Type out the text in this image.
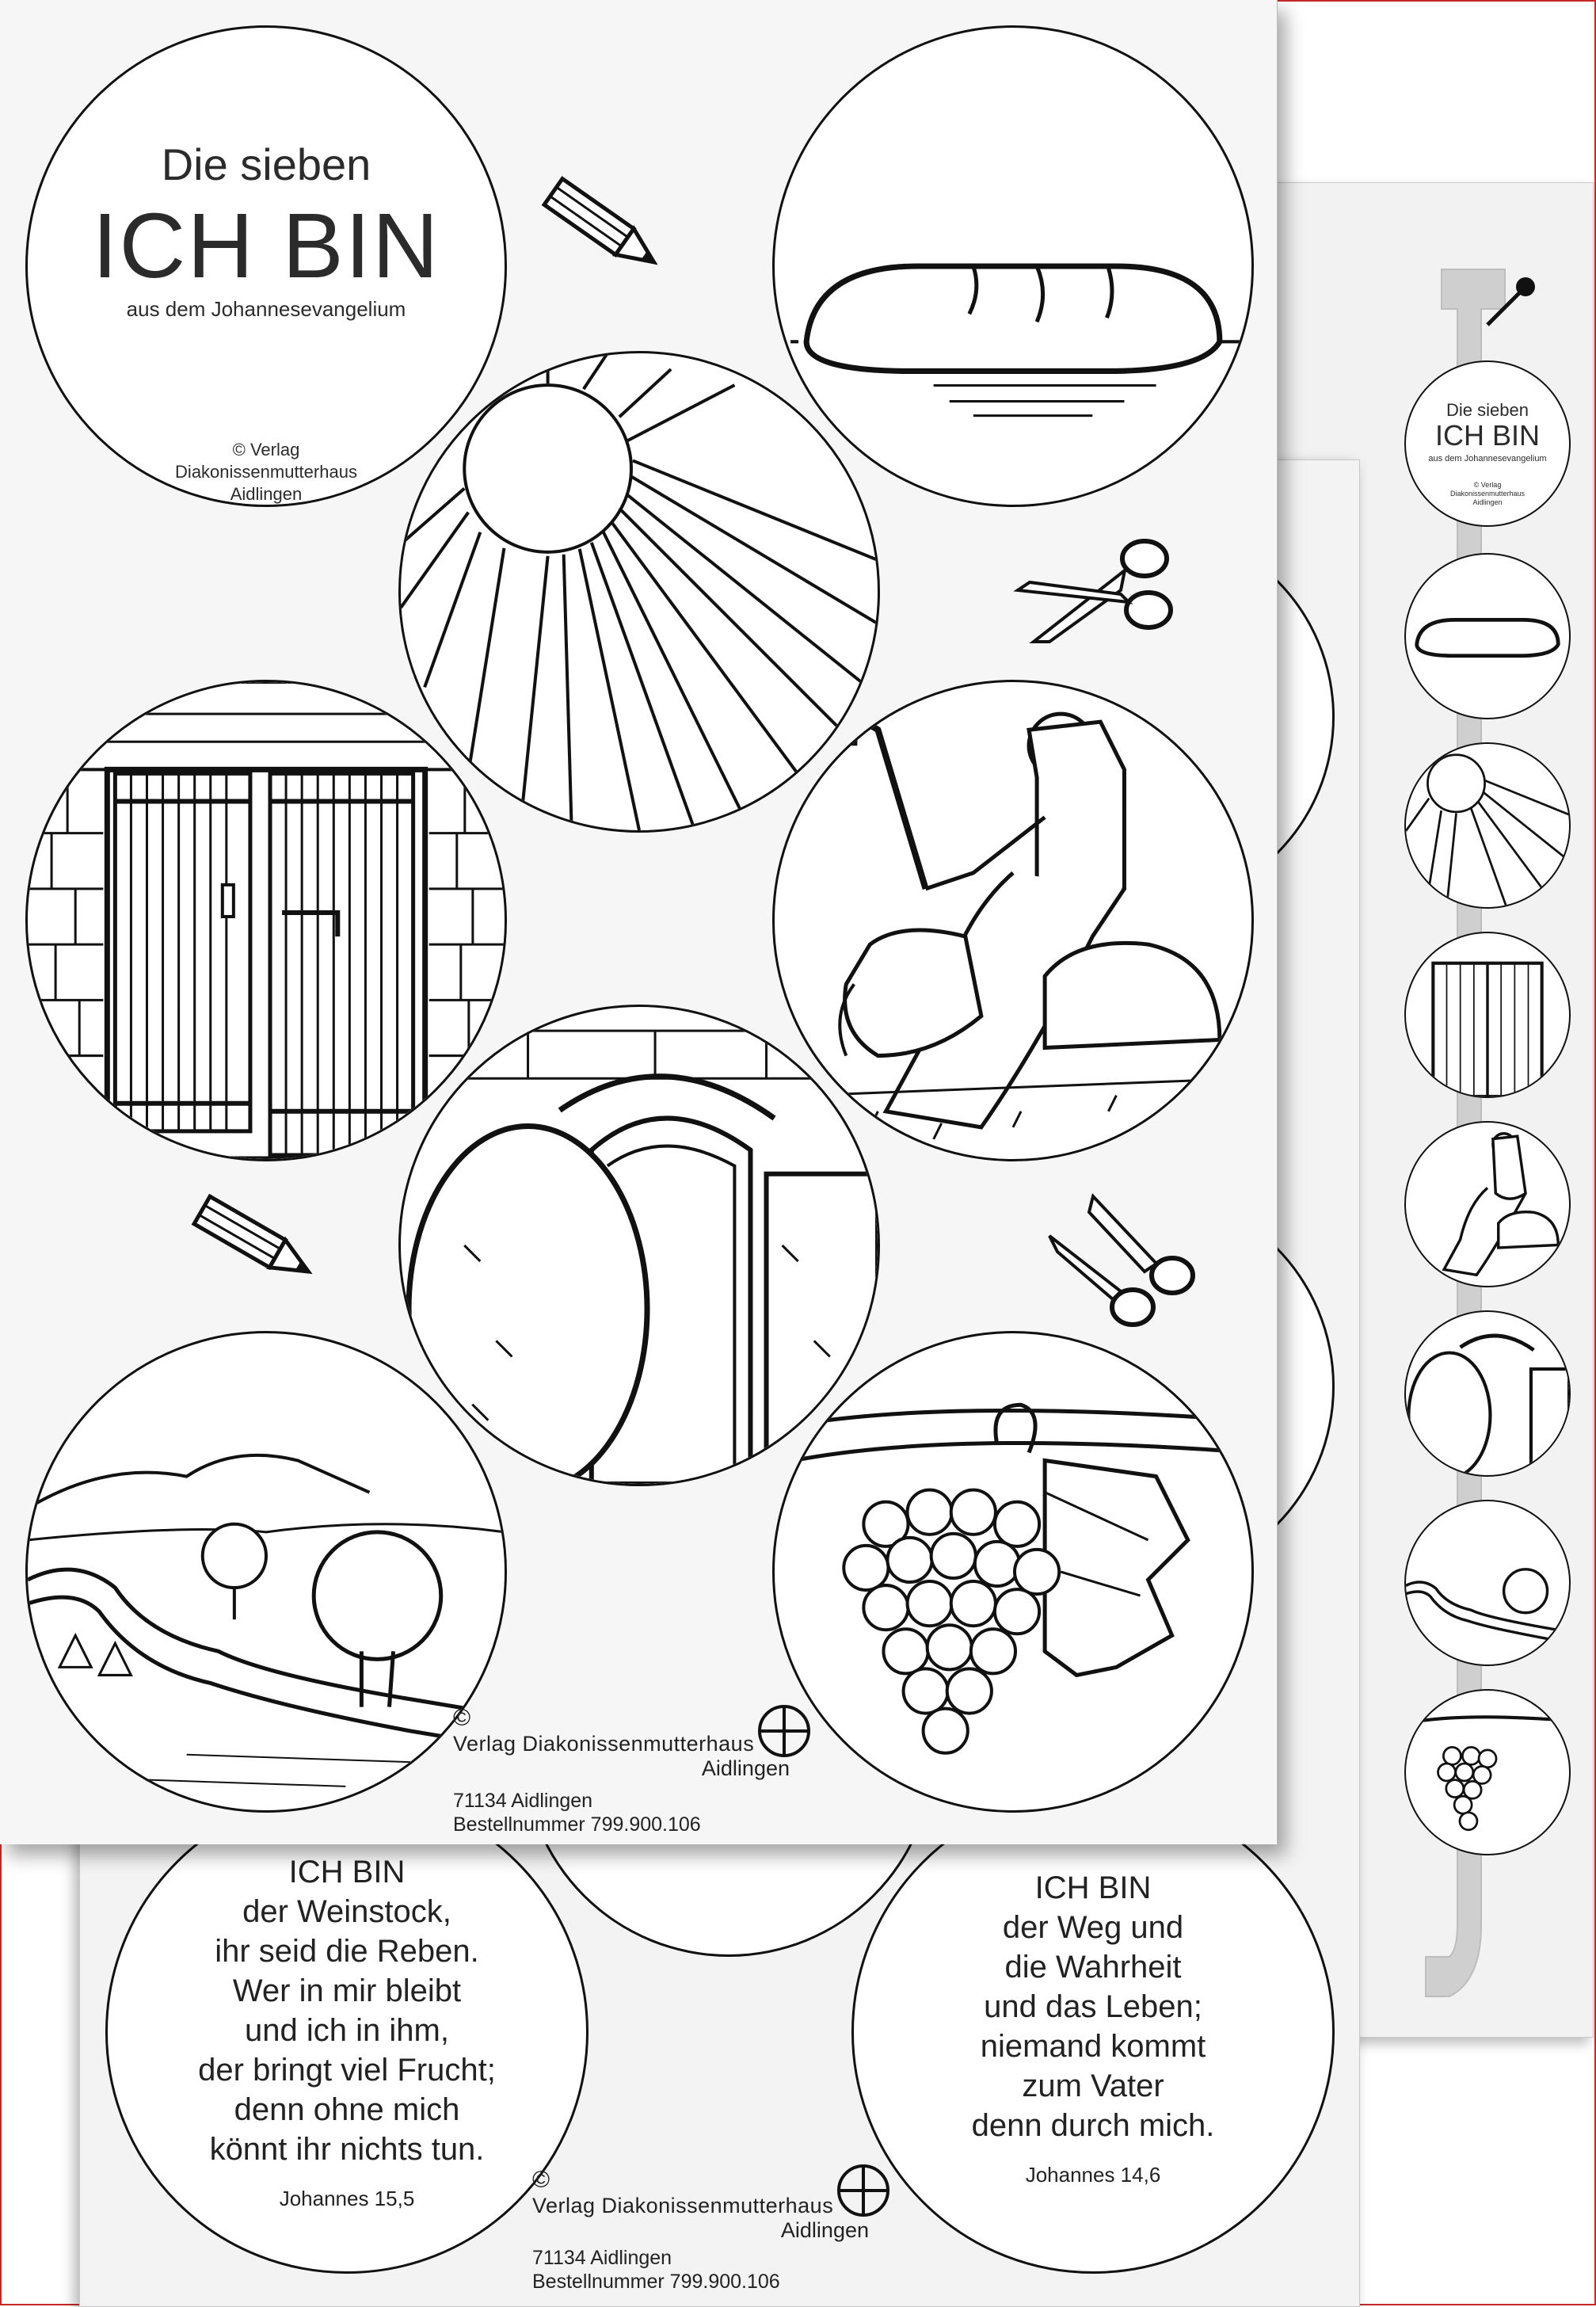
ICH BIN
der Weinstock,
ihr seid die Reben.
Wer in mir bleibt
und ich in ihm,
der bringt viel Frucht;
denn ohne mich
könnt ihr nichts tun.
Johannes 15,5
ICH BIN
der Weg und
die Wahrheit
und das Leben;
niemand kommt
zum Vater
denn durch mich.
Johannes 14,6
©
Verlag Diakonissenmutterhaus
Aidlingen
71134 Aidlingen
Bestellnummer 799.900.106
Die sieben
ICH BIN
aus dem Johannesevangelium
© Verlag
Diakonissenmutterhaus
Aidlingen
©
Verlag Diakonissenmutterhaus
Aidlingen
71134 Aidlingen
Bestellnummer 799.900.106
Die sieben
ICH BIN
aus dem Johannesevangelium
© Verlag
Diakonissenmutterhaus
Aidlingen
